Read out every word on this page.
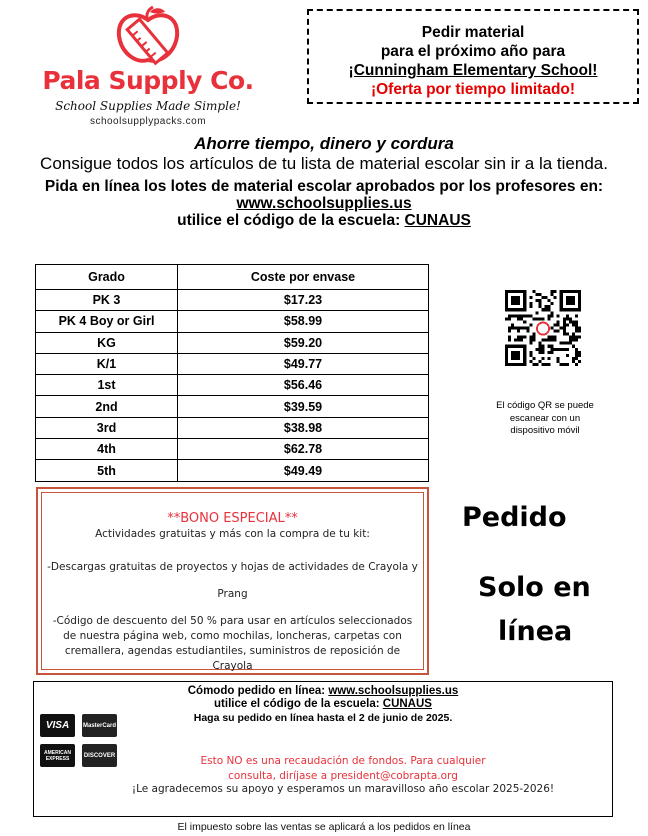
Pala Supply Co.
School Supplies Made Simple!
schoolsupplypacks.com
Pedir material
para el próximo año para
¡Cunningham Elementary School!
¡Oferta por tiempo limitado!
Ahorre tiempo, dinero y cordura
Consigue todos los artículos de tu lista de material escolar sin ir a la tienda.
Pida en línea los lotes de material escolar aprobados por los profesores en: www.schoolsupplies.us
utilice el código de la escuela: CUNAUS
Grado	Coste por envase
PK 3	$17.23
PK 4 Boy or Girl	$58.99
KG	$59.20
K/1	$49.77
1st	$56.46
2nd	$39.59
3rd	$38.98
4th	$62.78
5th	$49.49
El código QR se puede escanear con un dispositivo móvil
**BONO ESPECIAL**
Actividades gratuitas y más con la compra de tu kit:
-Descargas gratuitas de proyectos y hojas de actividades de Crayola y
Prang
-Código de descuento del 50 % para usar en artículos seleccionados de nuestra página web, como mochilas, loncheras, carpetas con cremallera, agendas estudiantiles, suministros de reposición de Crayola
Pedido
Solo en
línea
Cómodo pedido en línea: www.schoolsupplies.us
utilice el código de la escuela: CUNAUS
Haga su pedido en línea hasta el 2 de junio de 2025.
VISA	MasterCard
AMERICAN EXPRESS	DISCOVER	Esto NO es una recaudación de fondos. Para cualquier
consulta, diríjase a president@cobrapta.org
¡Le agradecemos su apoyo y esperamos un maravilloso año escolar 2025-2026!
El impuesto sobre las ventas se aplicará a los pedidos en línea
